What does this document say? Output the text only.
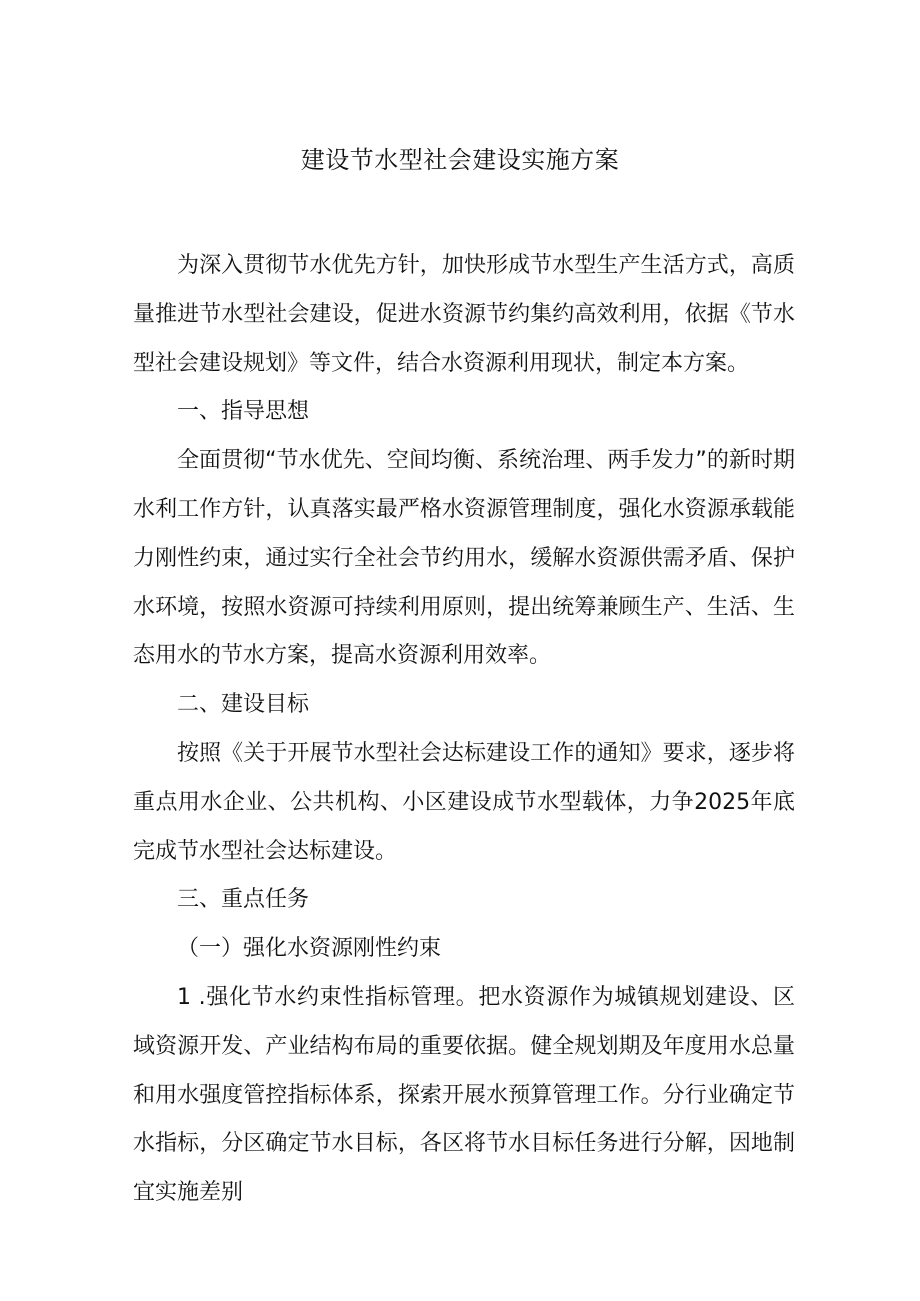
建设节水型社会建设实施方案

为深入贯彻节水优先方针，加快形成节水型生产生活方式，高质量推进节水型社会建设，促进水资源节约集约高效利用，依据《节水型社会建设规划》等文件，结合水资源利用现状，制定本方案。

一、指导思想

全面贯彻“节水优先、空间均衡、系统治理、两手发力”的新时期水利工作方针，认真落实最严格水资源管理制度，强化水资源承载能力刚性约束，通过实行全社会节约用水，缓解水资源供需矛盾、保护水环境，按照水资源可持续利用原则，提出统筹兼顾生产、生活、生态用水的节水方案，提高水资源利用效率。

二、建设目标

按照《关于开展节水型社会达标建设工作的通知》要求，逐步将重点用水企业、公共机构、小区建设成节水型载体，力争2025年底完成节水型社会达标建设。

三、重点任务

（一）强化水资源刚性约束

1 .强化节水约束性指标管理。把水资源作为城镇规划建设、区域资源开发、产业结构布局的重要依据。健全规划期及年度用水总量和用水强度管控指标体系，探索开展水预算管理工作。分行业确定节水指标，分区确定节水目标，各区将节水目标任务进行分解，因地制宜实施差别
